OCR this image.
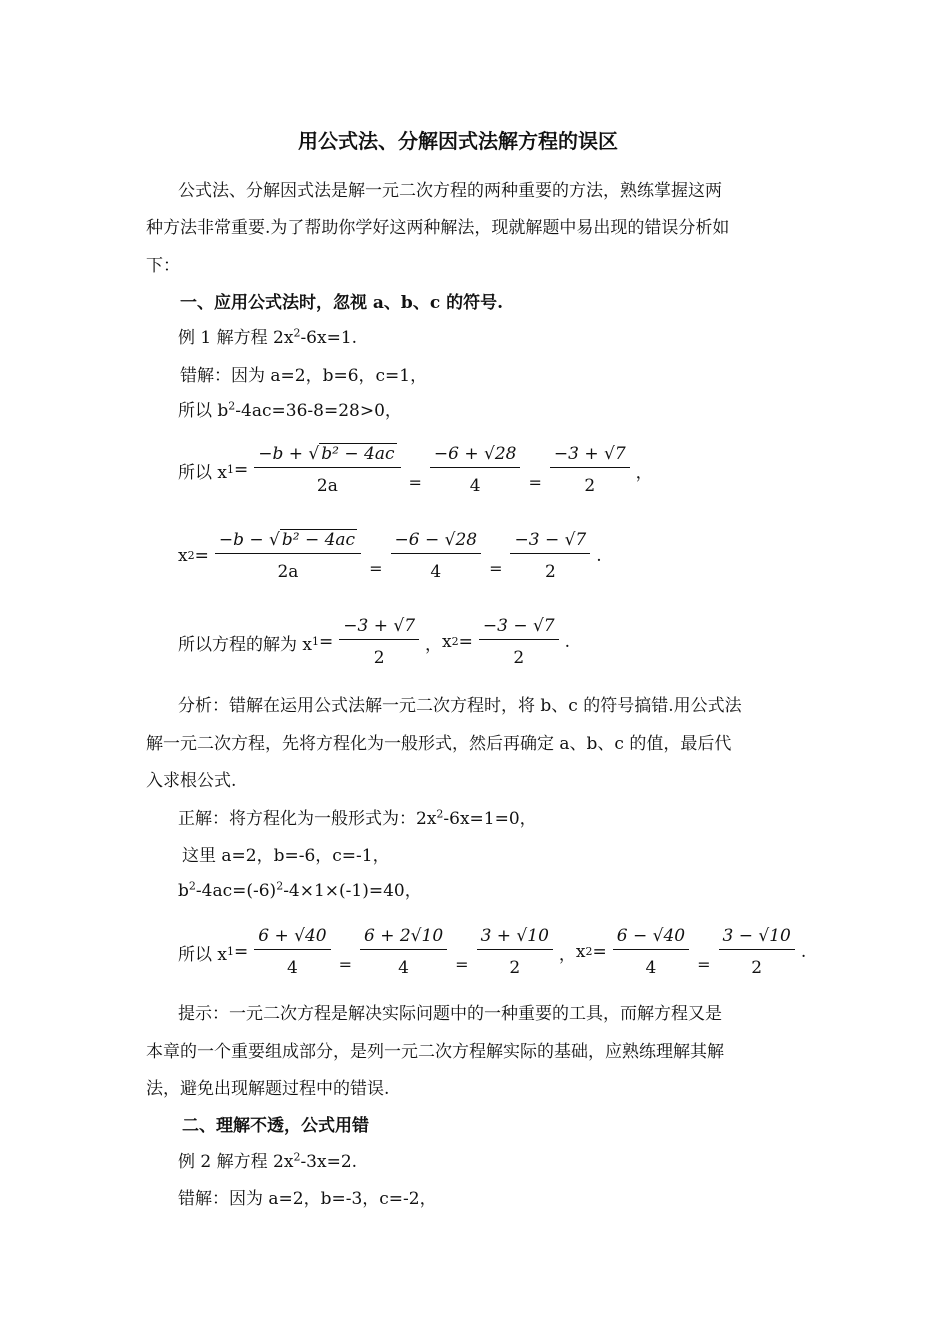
用公式法、分解因式法解方程的误区
公式法、分解因式法是解一元二次方程的两种重要的方法，熟练掌握这两
种方法非常重要.为了帮助你学好这两种解法，现就解题中易出现的错误分析如
下：
一、应用公式法时，忽视 a、b、c 的符号.
例 1 解方程 $2x^2-6x=1$.
错解：因为 a=2，b=6，c=1，
所以 $b^2-4ac=36-8=28>0$，
所以 x $1 = \frac{\text{−b + √ b² − 4ac}}{2a} = \frac{-6 + √28}{4} = \frac{-3 + √7}{2}$ ，
x $2 = \frac{\text{−b − √ b² − 4ac}}{2a} = \frac{-6 - √28}{4} = \frac{-3 - √7}{2}$ .
所以方程的解为 x $1 = \frac{-3 + √7}{2}$ ， x $2 = \frac{-3 - √7}{2}$ .
分析：错解在运用公式法解一元二次方程时，将 b、c 的符号搞错.用公式法
解一元二次方程，先将方程化为一般形式，然后再确定 a、b、c 的值，最后代
入求根公式.
正解：将方程化为一般形式为：$2x^2-6x=1=0$，
这里 a=2，b=-6，c=-1，
$b^2-4ac=(-6)^2-4\times 1\times(-1)=40$，
所以 x $1 = \frac{6 + √40}{4} = \frac{6 + 2√10}{4} = \frac{3 + √10}{2}$ ， x $2 = \frac{6 - √40}{4} = \frac{3 - √10}{2}$ .
提示：一元二次方程是解决实际问题中的一种重要的工具，而解方程又是
本章的一个重要组成部分，是列一元二次方程解实际的基础，应熟练理解其解
法，避免出现解题过程中的错误.
二、理解不透，公式用错
例 2 解方程 $2x^2-3x=2$.
错解：因为 a=2，b=-3，c=-2，
